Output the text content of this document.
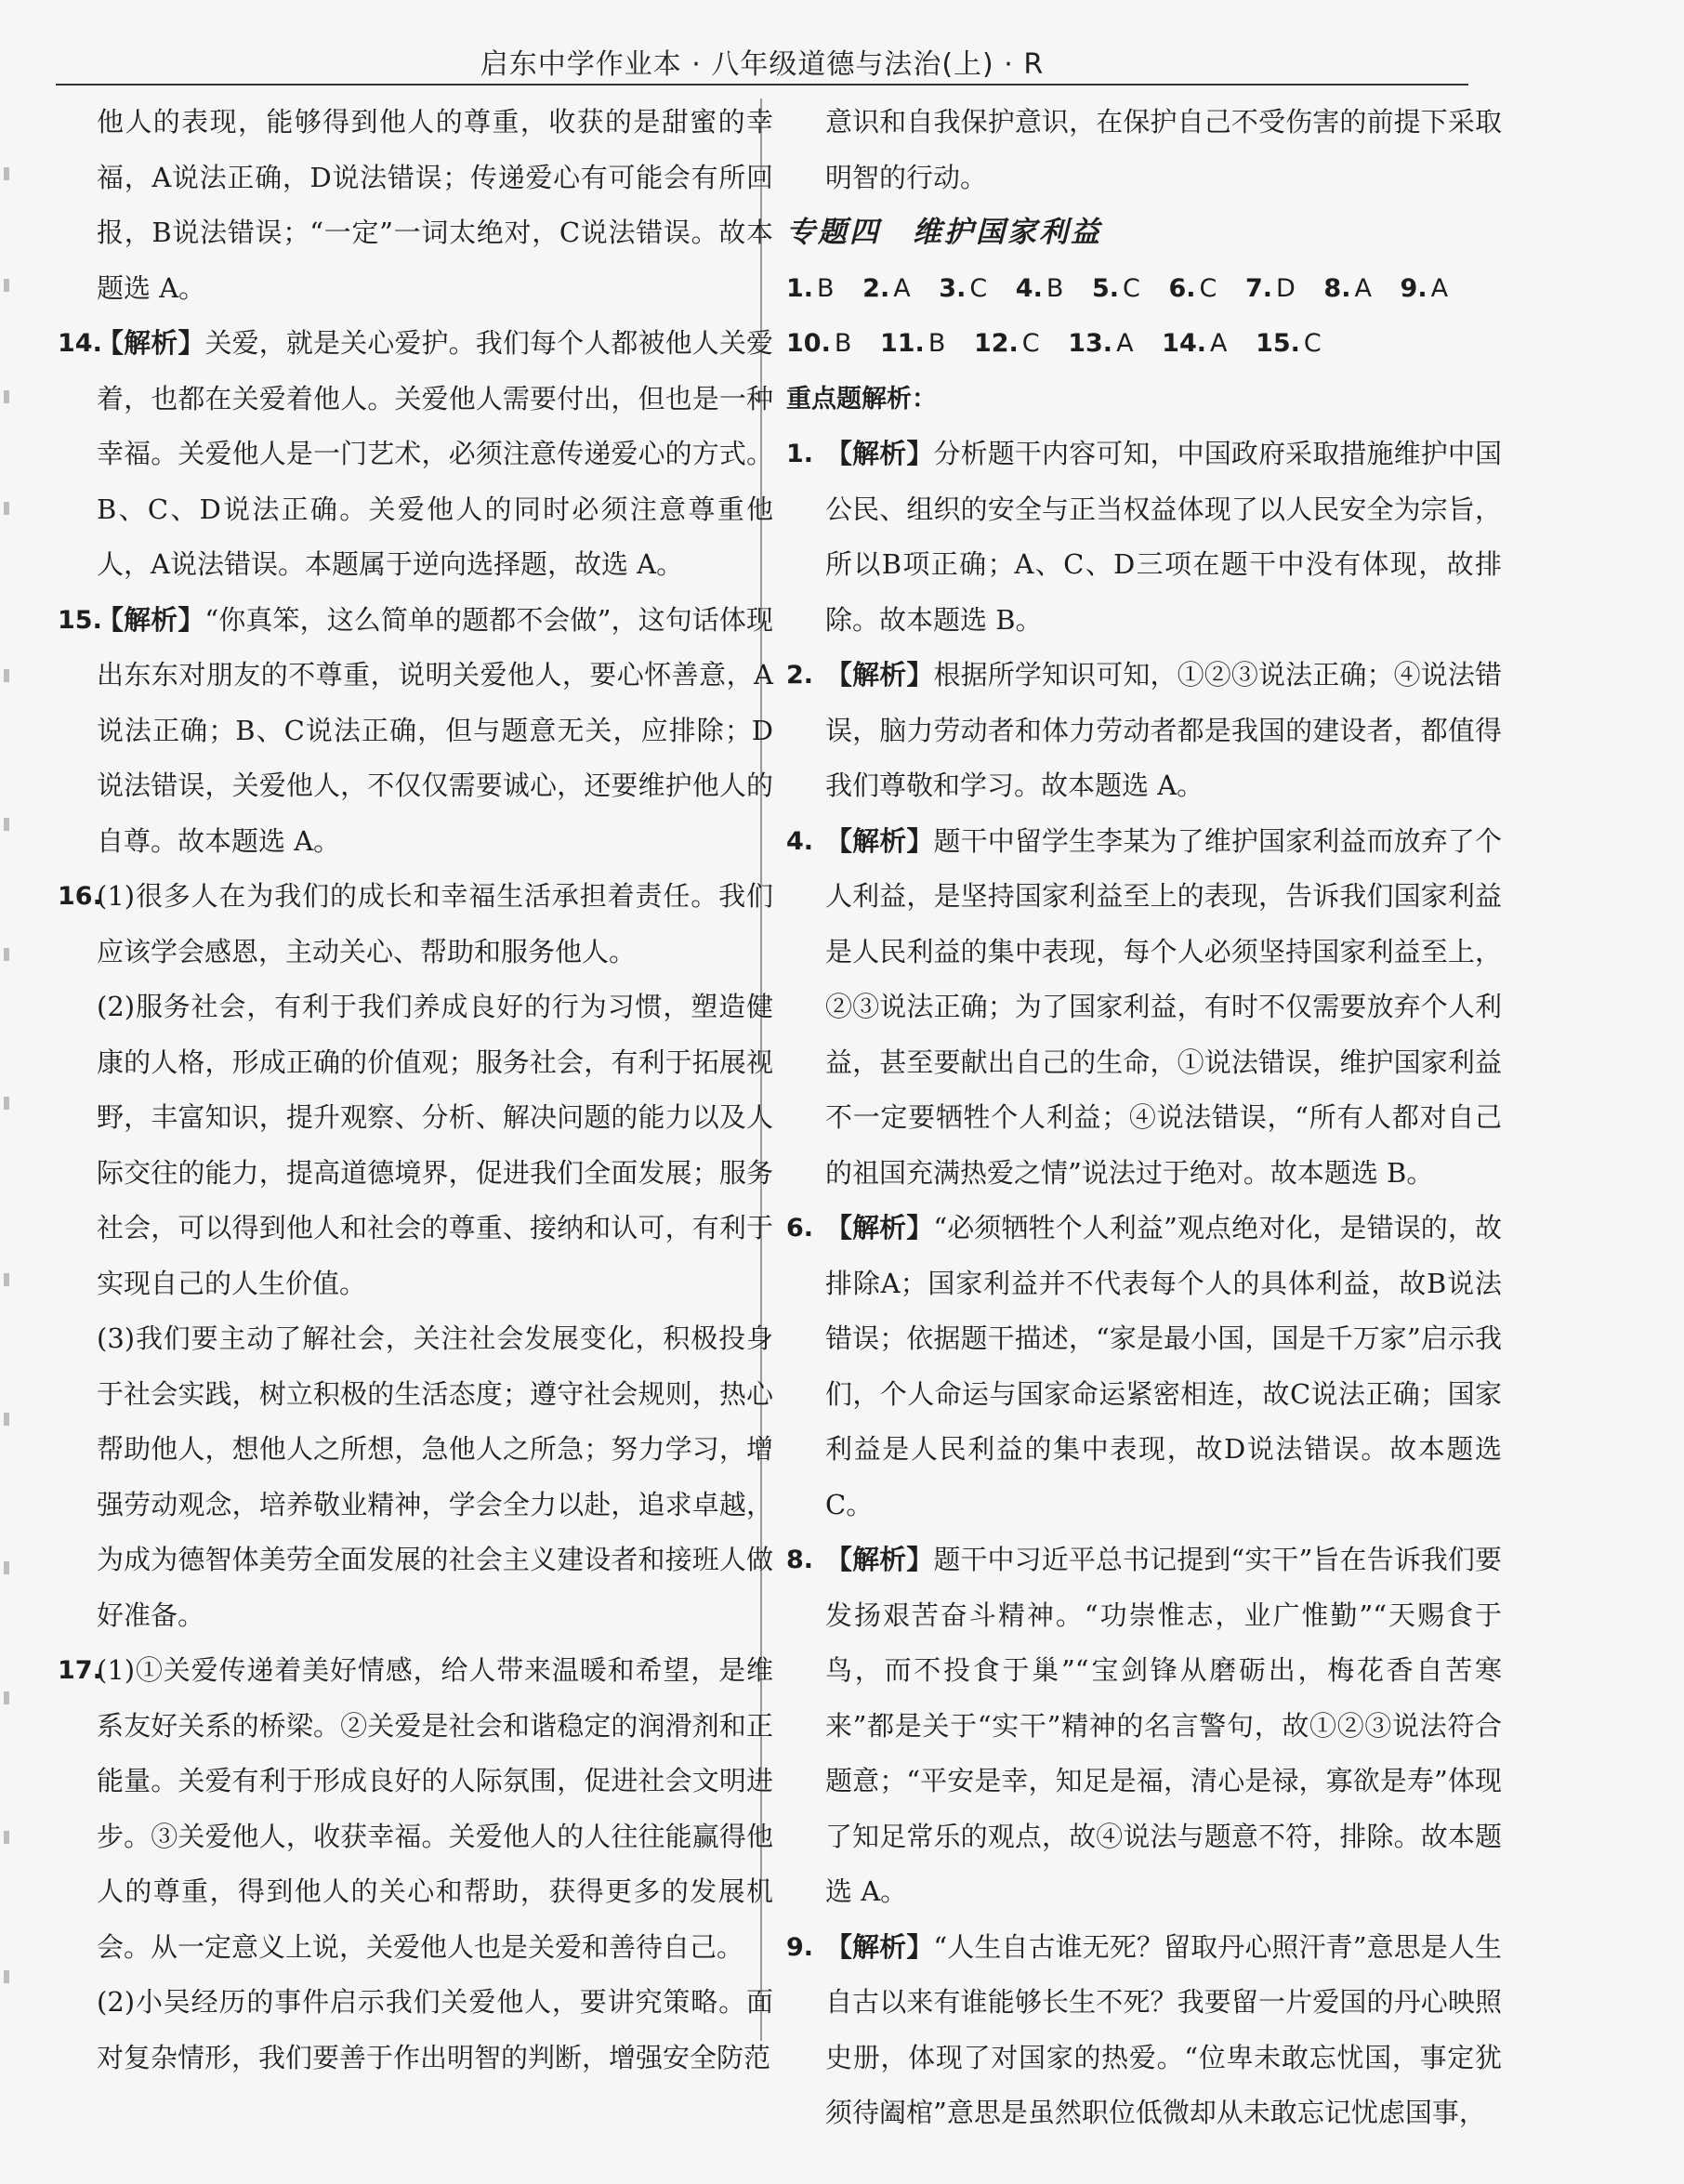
启东中学作业本 · 八年级道德与法治(上) · R

他人的表现，能够得到他人的尊重，收获的是甜蜜的幸福，A说法正确，D说法错误；传递爱心有可能会有所回报，B说法错误；“一定”一词太绝对，C说法错误。故本题选 A。

14.
【解析】关爱，就是关心爱护。我们每个人都被他人关爱着，也都在关爱着他人。关爱他人需要付出，但也是一种幸福。关爱他人是一门艺术，必须注意传递爱心的方式。B、C、D说法正确。关爱他人的同时必须注意尊重他人，A说法错误。本题属于逆向选择题，故选 A。

15.
【解析】“你真笨，这么简单的题都不会做”，这句话体现出东东对朋友的不尊重，说明关爱他人，要心怀善意，A说法正确；B、C说法正确，但与题意无关，应排除；D说法错误，关爱他人，不仅仅需要诚心，还要维护他人的自尊。故本题选 A。

16.
(1)很多人在为我们的成长和幸福生活承担着责任。我们应该学会感恩，主动关心、帮助和服务他人。

(2)服务社会，有利于我们养成良好的行为习惯，塑造健康的人格，形成正确的价值观；服务社会，有利于拓展视野，丰富知识，提升观察、分析、解决问题的能力以及人际交往的能力，提高道德境界，促进我们全面发展；服务社会，可以得到他人和社会的尊重、接纳和认可，有利于实现自己的人生价值。

(3)我们要主动了解社会，关注社会发展变化，积极投身于社会实践，树立积极的生活态度；遵守社会规则，热心帮助他人，想他人之所想，急他人之所急；努力学习，增强劳动观念，培养敬业精神，学会全力以赴，追求卓越，为成为德智体美劳全面发展的社会主义建设者和接班人做好准备。

17.
(1)①关爱传递着美好情感，给人带来温暖和希望，是维系友好关系的桥梁。②关爱是社会和谐稳定的润滑剂和正能量。关爱有利于形成良好的人际氛围，促进社会文明进步。③关爱他人，收获幸福。关爱他人的人往往能赢得他人的尊重，得到他人的关心和帮助，获得更多的发展机会。从一定意义上说，关爱他人也是关爱和善待自己。

(2)小吴经历的事件启示我们关爱他人，要讲究策略。面对复杂情形，我们要善于作出明智的判断，增强安全防范

意识和自我保护意识，在保护自己不受伤害的前提下采取明智的行动。

专题四　维护国家利益

1. B 2. A 3. C 4. B 5. C 6. C 7. D 8. A 9. A

10. B 11. B 12. C 13. A 14. A 15. C

重点题解析：

1. 【解析】分析题干内容可知，中国政府采取措施维护中国公民、组织的安全与正当权益体现了以人民安全为宗旨，所以B项正确；A、C、D三项在题干中没有体现，故排除。故本题选 B。

2. 【解析】根据所学知识可知，①②③说法正确；④说法错误，脑力劳动者和体力劳动者都是我国的建设者，都值得我们尊敬和学习。故本题选 A。

4. 【解析】题干中留学生李某为了维护国家利益而放弃了个人利益，是坚持国家利益至上的表现，告诉我们国家利益是人民利益的集中表现，每个人必须坚持国家利益至上，②③说法正确；为了国家利益，有时不仅需要放弃个人利益，甚至要献出自己的生命，①说法错误，维护国家利益不一定要牺牲个人利益；④说法错误，“所有人都对自己的祖国充满热爱之情”说法过于绝对。故本题选 B。

6. 【解析】“必须牺牲个人利益”观点绝对化，是错误的，故排除A；国家利益并不代表每个人的具体利益，故B说法错误；依据题干描述，“家是最小国，国是千万家”启示我们，个人命运与国家命运紧密相连，故C说法正确；国家利益是人民利益的集中表现，故D说法错误。故本题选 C。

8. 【解析】题干中习近平总书记提到“实干”旨在告诉我们要发扬艰苦奋斗精神。“功崇惟志，业广惟勤”“天赐食于鸟，而不投食于巢”“宝剑锋从磨砺出，梅花香自苦寒来”都是关于“实干”精神的名言警句，故①②③说法符合题意；“平安是幸，知足是福，清心是禄，寡欲是寿”体现了知足常乐的观点，故④说法与题意不符，排除。故本题选 A。

9. 【解析】“人生自古谁无死？留取丹心照汗青”意思是人生自古以来有谁能够长生不死？我要留一片爱国的丹心映照史册，体现了对国家的热爱。“位卑未敢忘忧国，事定犹须待阖棺”意思是虽然职位低微却从未敢忘记忧虑国事，
